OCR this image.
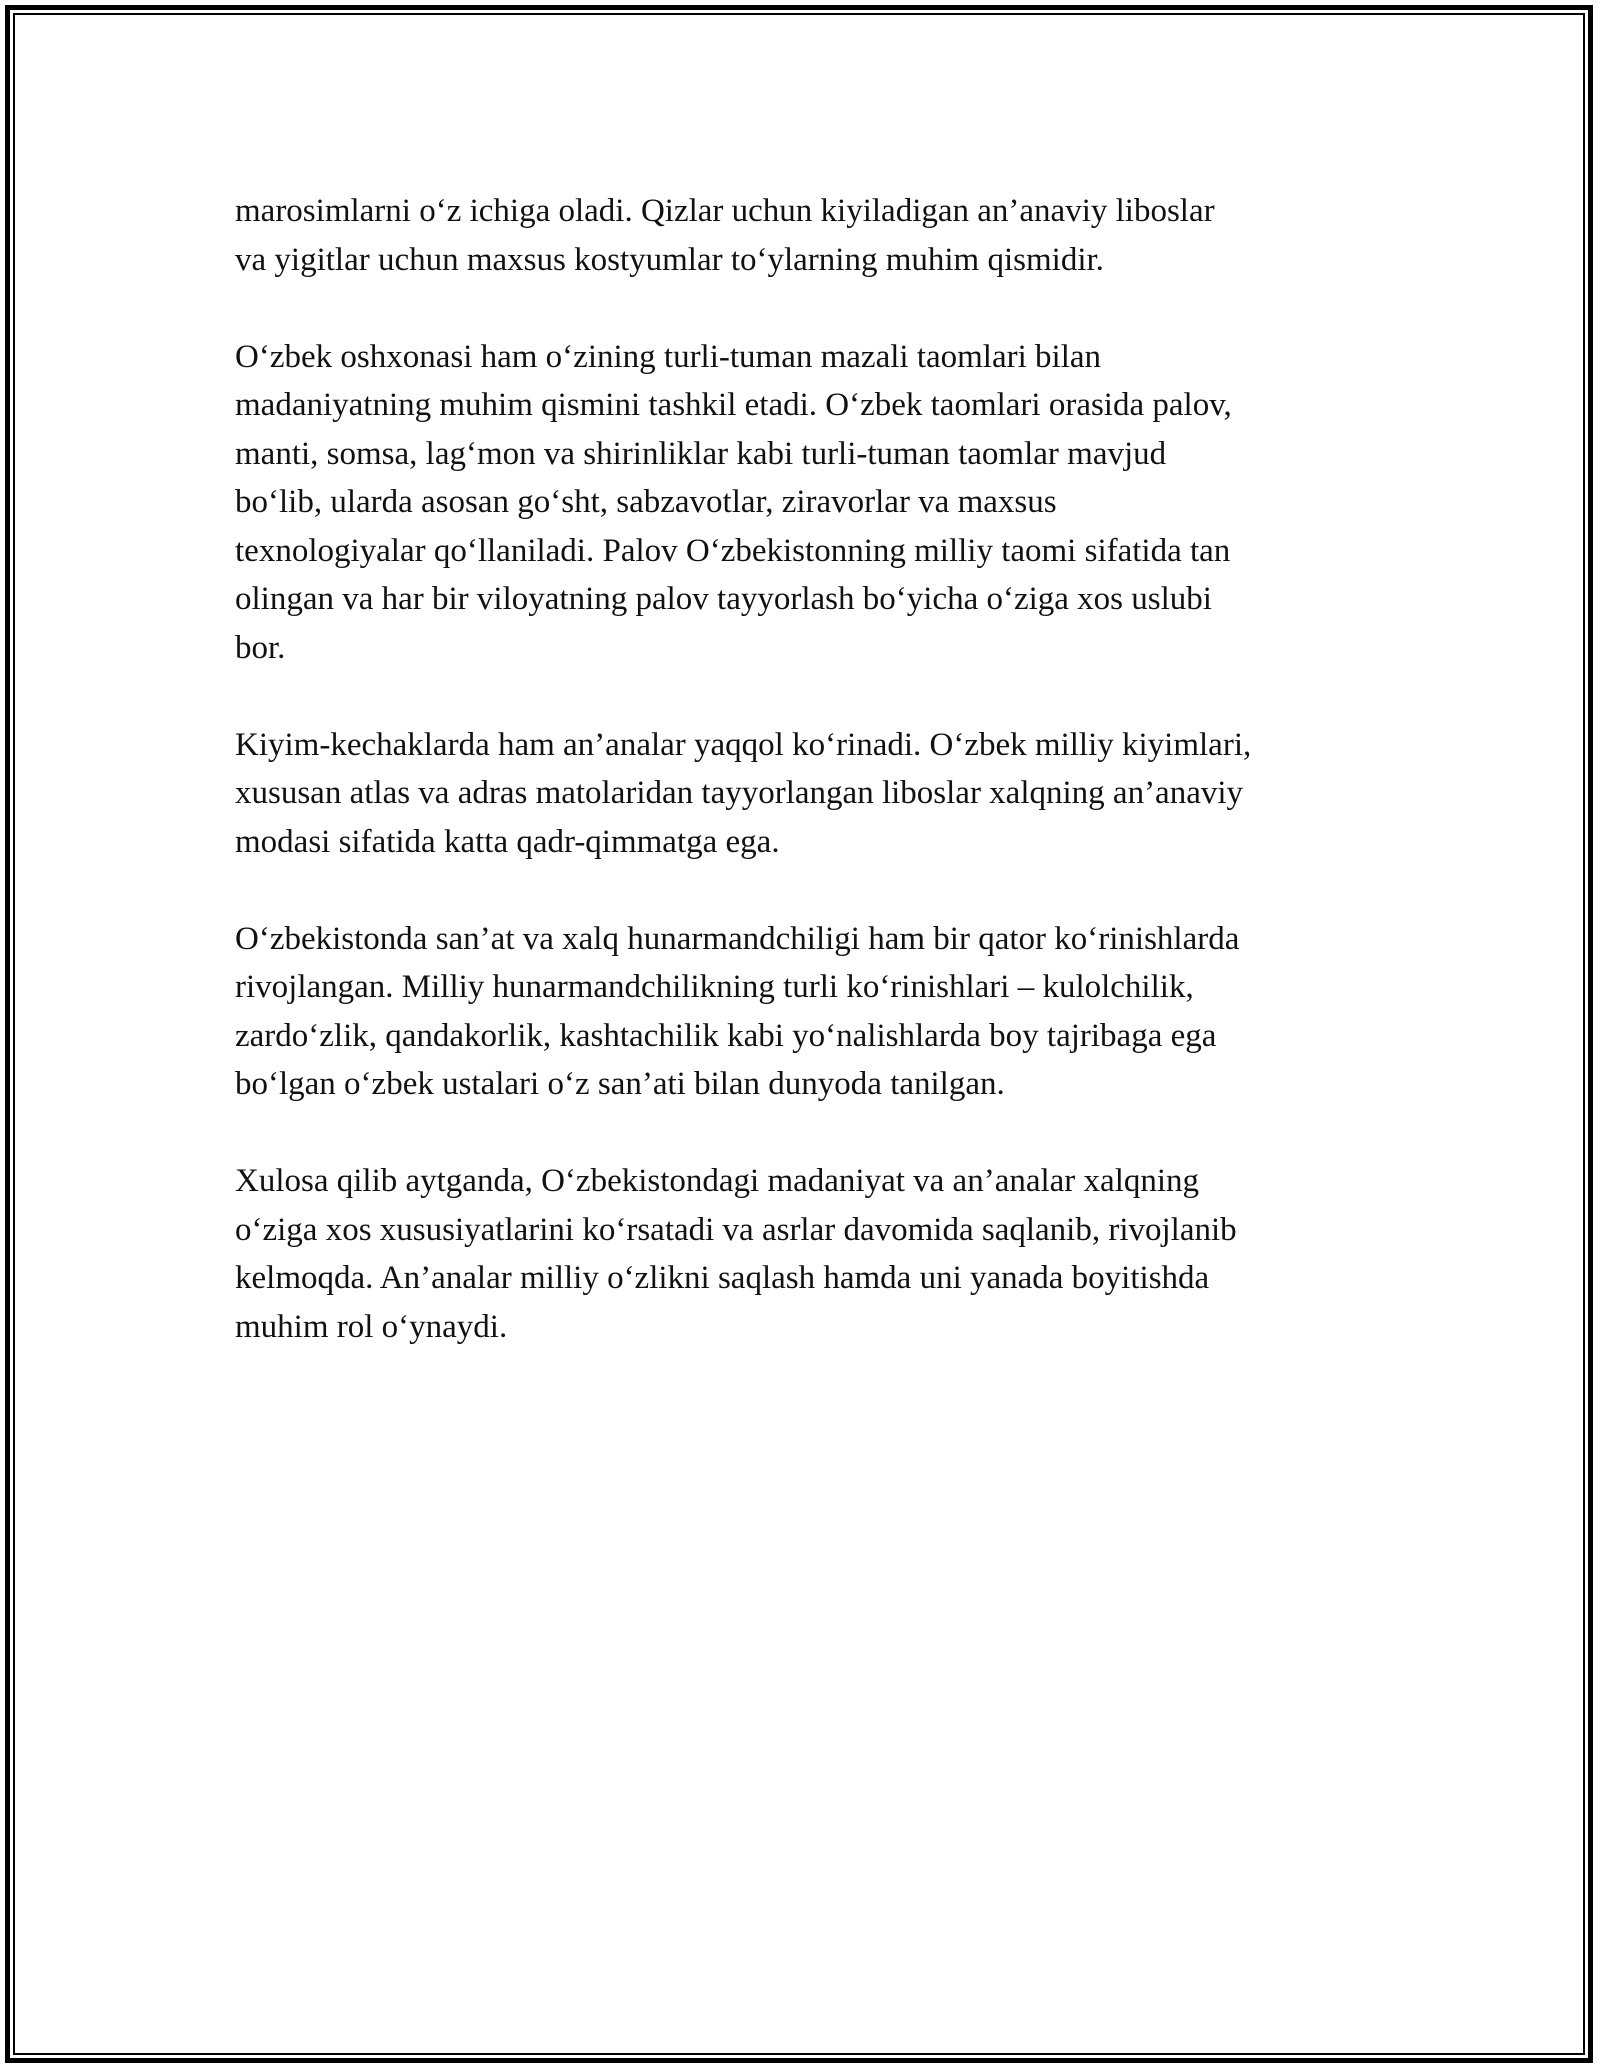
marosimlarni o‘z ichiga oladi. Qizlar uchun kiyiladigan an’anaviy liboslar
va yigitlar uchun maxsus kostyumlar to‘ylarning muhim qismidir.

O‘zbek oshxonasi ham o‘zining turli-tuman mazali taomlari bilan
madaniyatning muhim qismini tashkil etadi. O‘zbek taomlari orasida palov,
manti, somsa, lag‘mon va shirinliklar kabi turli-tuman taomlar mavjud
bo‘lib, ularda asosan go‘sht, sabzavotlar, ziravorlar va maxsus
texnologiyalar qo‘llaniladi. Palov O‘zbekistonning milliy taomi sifatida tan
olingan va har bir viloyatning palov tayyorlash bo‘yicha o‘ziga xos uslubi
bor.

Kiyim-kechaklarda ham an’analar yaqqol ko‘rinadi. O‘zbek milliy kiyimlari,
xususan atlas va adras matolaridan tayyorlangan liboslar xalqning an’anaviy
modasi sifatida katta qadr-qimmatga ega.

O‘zbekistonda san’at va xalq hunarmandchiligi ham bir qator ko‘rinishlarda
rivojlangan. Milliy hunarmandchilikning turli ko‘rinishlari – kulolchilik,
zardo‘zlik, qandakorlik, kashtachilik kabi yo‘nalishlarda boy tajribaga ega
bo‘lgan o‘zbek ustalari o‘z san’ati bilan dunyoda tanilgan.

Xulosa qilib aytganda, O‘zbekistondagi madaniyat va an’analar xalqning
o‘ziga xos xususiyatlarini ko‘rsatadi va asrlar davomida saqlanib, rivojlanib
kelmoqda. An’analar milliy o‘zlikni saqlash hamda uni yanada boyitishda
muhim rol o‘ynaydi.
